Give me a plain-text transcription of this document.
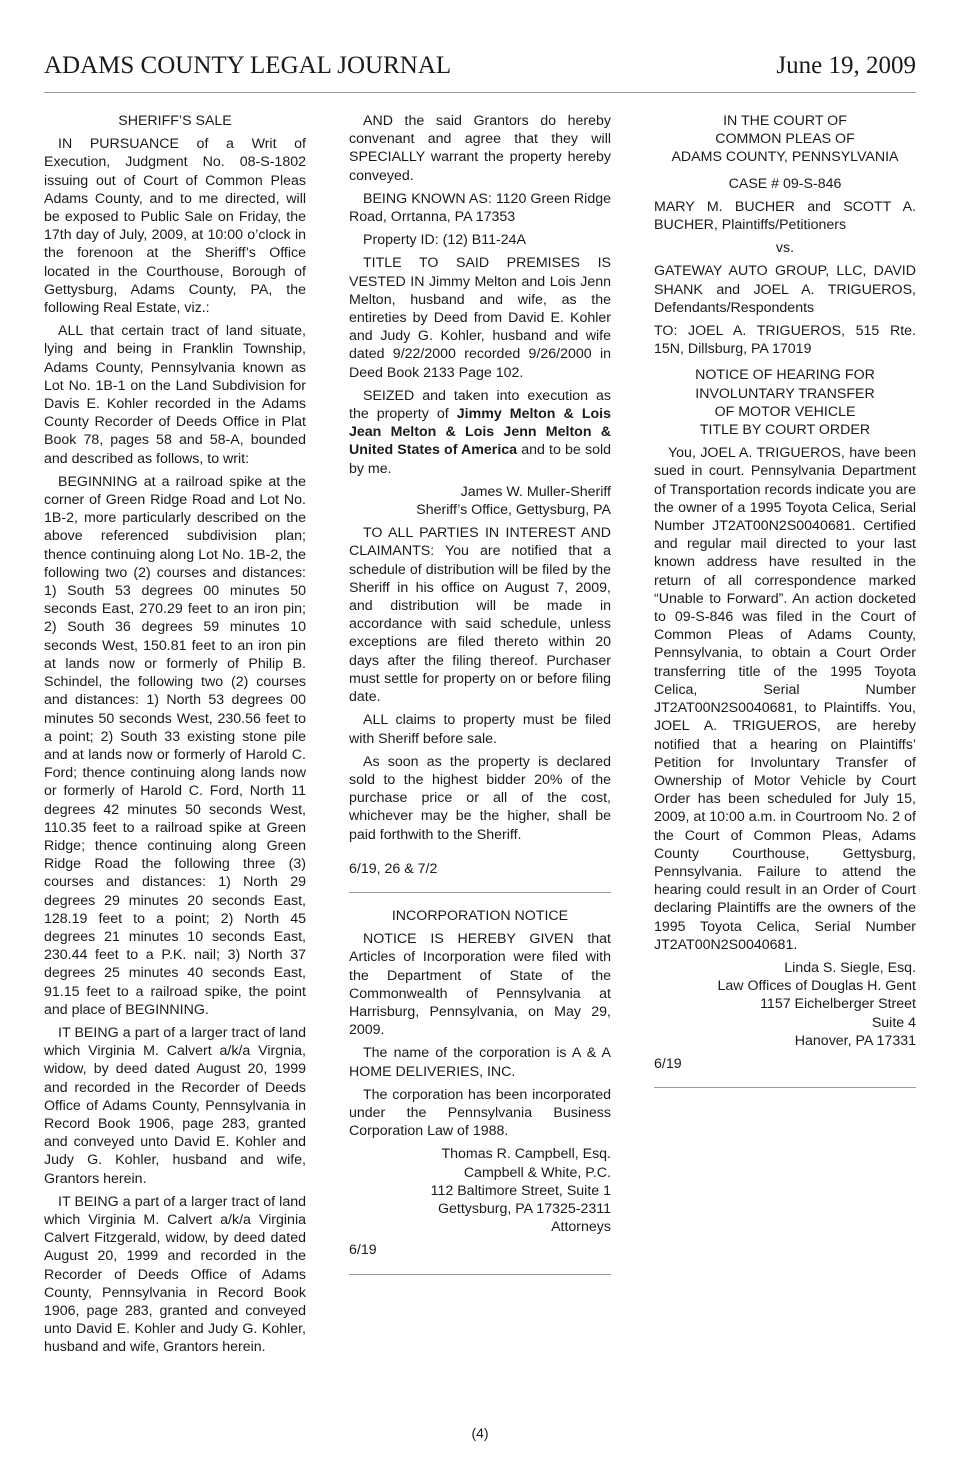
ADAMS COUNTY LEGAL JOURNAL	June 19, 2009

SHERIFF’S SALE

IN PURSUANCE of a Writ of Execution, Judgment No. 08-S-1802 issuing out of Court of Common Pleas Adams County, and to me directed, will be exposed to Public Sale on Friday, the 17th day of July, 2009, at 10:00 o’clock in the forenoon at the Sheriff’s Office located in the Courthouse, Borough of Gettysburg, Adams County, PA, the following Real Estate, viz.:

ALL that certain tract of land situate, lying and being in Franklin Township, Adams County, Pennsylvania known as Lot No. 1B-1 on the Land Subdivision for Davis E. Kohler recorded in the Adams County Recorder of Deeds Office in Plat Book 78, pages 58 and 58-A, bounded and described as follows, to writ:

BEGINNING at a railroad spike at the corner of Green Ridge Road and Lot No. 1B-2, more particularly described on the above referenced subdivision plan; thence continuing along Lot No. 1B-2, the following two (2) courses and distances: 1) South 53 degrees 00 minutes 50 seconds East, 270.29 feet to an iron pin; 2) South 36 degrees 59 minutes 10 seconds West, 150.81 feet to an iron pin at lands now or formerly of Philip B. Schindel, the following two (2) courses and distances: 1) North 53 degrees 00 minutes 50 seconds West, 230.56 feet to a point; 2) South 33 existing stone pile and at lands now or formerly of Harold C. Ford; thence continuing along lands now or formerly of Harold C. Ford, North 11 degrees 42 minutes 50 seconds West, 110.35 feet to a railroad spike at Green Ridge; thence continuing along Green Ridge Road the following three (3) courses and distances: 1) North 29 degrees 29 minutes 20 seconds East, 128.19 feet to a point; 2) North 45 degrees 21 minutes 10 seconds East, 230.44 feet to a P.K. nail; 3) North 37 degrees 25 minutes 40 seconds East, 91.15 feet to a railroad spike, the point and place of BEGINNING.

IT BEING a part of a larger tract of land which Virginia M. Calvert a/k/a Virgnia, widow, by deed dated August 20, 1999 and recorded in the Recorder of Deeds Office of Adams County, Pennsylvania in Record Book 1906, page 283, granted and conveyed unto David E. Kohler and Judy G. Kohler, husband and wife, Grantors herein.

IT BEING a part of a larger tract of land which Virginia M. Calvert a/k/a Virginia Calvert Fitzgerald, widow, by deed dated August 20, 1999 and recorded in the Recorder of Deeds Office of Adams County, Pennsylvania in Record Book 1906, page 283, granted and conveyed unto David E. Kohler and Judy G. Kohler, husband and wife, Grantors herein.

AND the said Grantors do hereby convenant and agree that they will SPECIALLY warrant the property hereby conveyed.

BEING KNOWN AS: 1120 Green Ridge Road, Orrtanna, PA 17353

Property ID: (12) B11-24A

TITLE TO SAID PREMISES IS VESTED IN Jimmy Melton and Lois Jenn Melton, husband and wife, as the entireties by Deed from David E. Kohler and Judy G. Kohler, husband and wife dated 9/22/2000 recorded 9/26/2000 in Deed Book 2133 Page 102.

SEIZED and taken into execution as the property of Jimmy Melton & Lois Jean Melton & Lois Jenn Melton & United States of America and to be sold by me.

James W. Muller-Sheriff
Sheriff’s Office, Gettysburg, PA

TO ALL PARTIES IN INTEREST AND CLAIMANTS: You are notified that a schedule of distribution will be filed by the Sheriff in his office on August 7, 2009, and distribution will be made in accordance with said schedule, unless exceptions are filed thereto within 20 days after the filing thereof. Purchaser must settle for property on or before filing date.

ALL claims to property must be filed with Sheriff before sale.

As soon as the property is declared sold to the highest bidder 20% of the purchase price or all of the cost, whichever may be the higher, shall be paid forthwith to the Sheriff.

6/19, 26 & 7/2

INCORPORATION NOTICE

NOTICE IS HEREBY GIVEN that Articles of Incorporation were filed with the Department of State of the Commonwealth of Pennsylvania at Harrisburg, Pennsylvania, on May 29, 2009.

The name of the corporation is A & A HOME DELIVERIES, INC.

The corporation has been incorporated under the Pennsylvania Business Corporation Law of 1988.

Thomas R. Campbell, Esq.
Campbell & White, P.C.
112 Baltimore Street, Suite 1
Gettysburg, PA 17325-2311
Attorneys

6/19

IN THE COURT OF

COMMON PLEAS OF

ADAMS COUNTY, PENNSYLVANIA

CASE # 09-S-846

MARY M. BUCHER and SCOTT A. BUCHER, Plaintiffs/Petitioners

vs.

GATEWAY AUTO GROUP, LLC, DAVID SHANK and JOEL A. TRIGUEROS, Defendants/Respondents

TO: JOEL A. TRIGUEROS, 515 Rte. 15N, Dillsburg, PA 17019

NOTICE OF HEARING FOR

INVOLUNTARY TRANSFER

OF MOTOR VEHICLE

TITLE BY COURT ORDER

You, JOEL A. TRIGUEROS, have been sued in court. Pennsylvania Department of Transportation records indicate you are the owner of a 1995 Toyota Celica, Serial Number JT2AT00N2S0040681. Certified and regular mail directed to your last known address have resulted in the return of all correspondence marked “Unable to Forward”. An action docketed to 09-S-846 was filed in the Court of Common Pleas of Adams County, Pennsylvania, to obtain a Court Order transferring title of the 1995 Toyota Celica, Serial Number JT2AT00N2S0040681, to Plaintiffs. You, JOEL A. TRIGUEROS, are hereby notified that a hearing on Plaintiffs’ Petition for Involuntary Transfer of Ownership of Motor Vehicle by Court Order has been scheduled for July 15, 2009, at 10:00 a.m. in Courtroom No. 2 of the Court of Common Pleas, Adams County Courthouse, Gettysburg, Pennsylvania. Failure to attend the hearing could result in an Order of Court declaring Plaintiffs are the owners of the 1995 Toyota Celica, Serial Number JT2AT00N2S0040681.

Linda S. Siegle, Esq.
Law Offices of Douglas H. Gent
1157 Eichelberger Street
Suite 4
Hanover, PA 17331

6/19

(4)
